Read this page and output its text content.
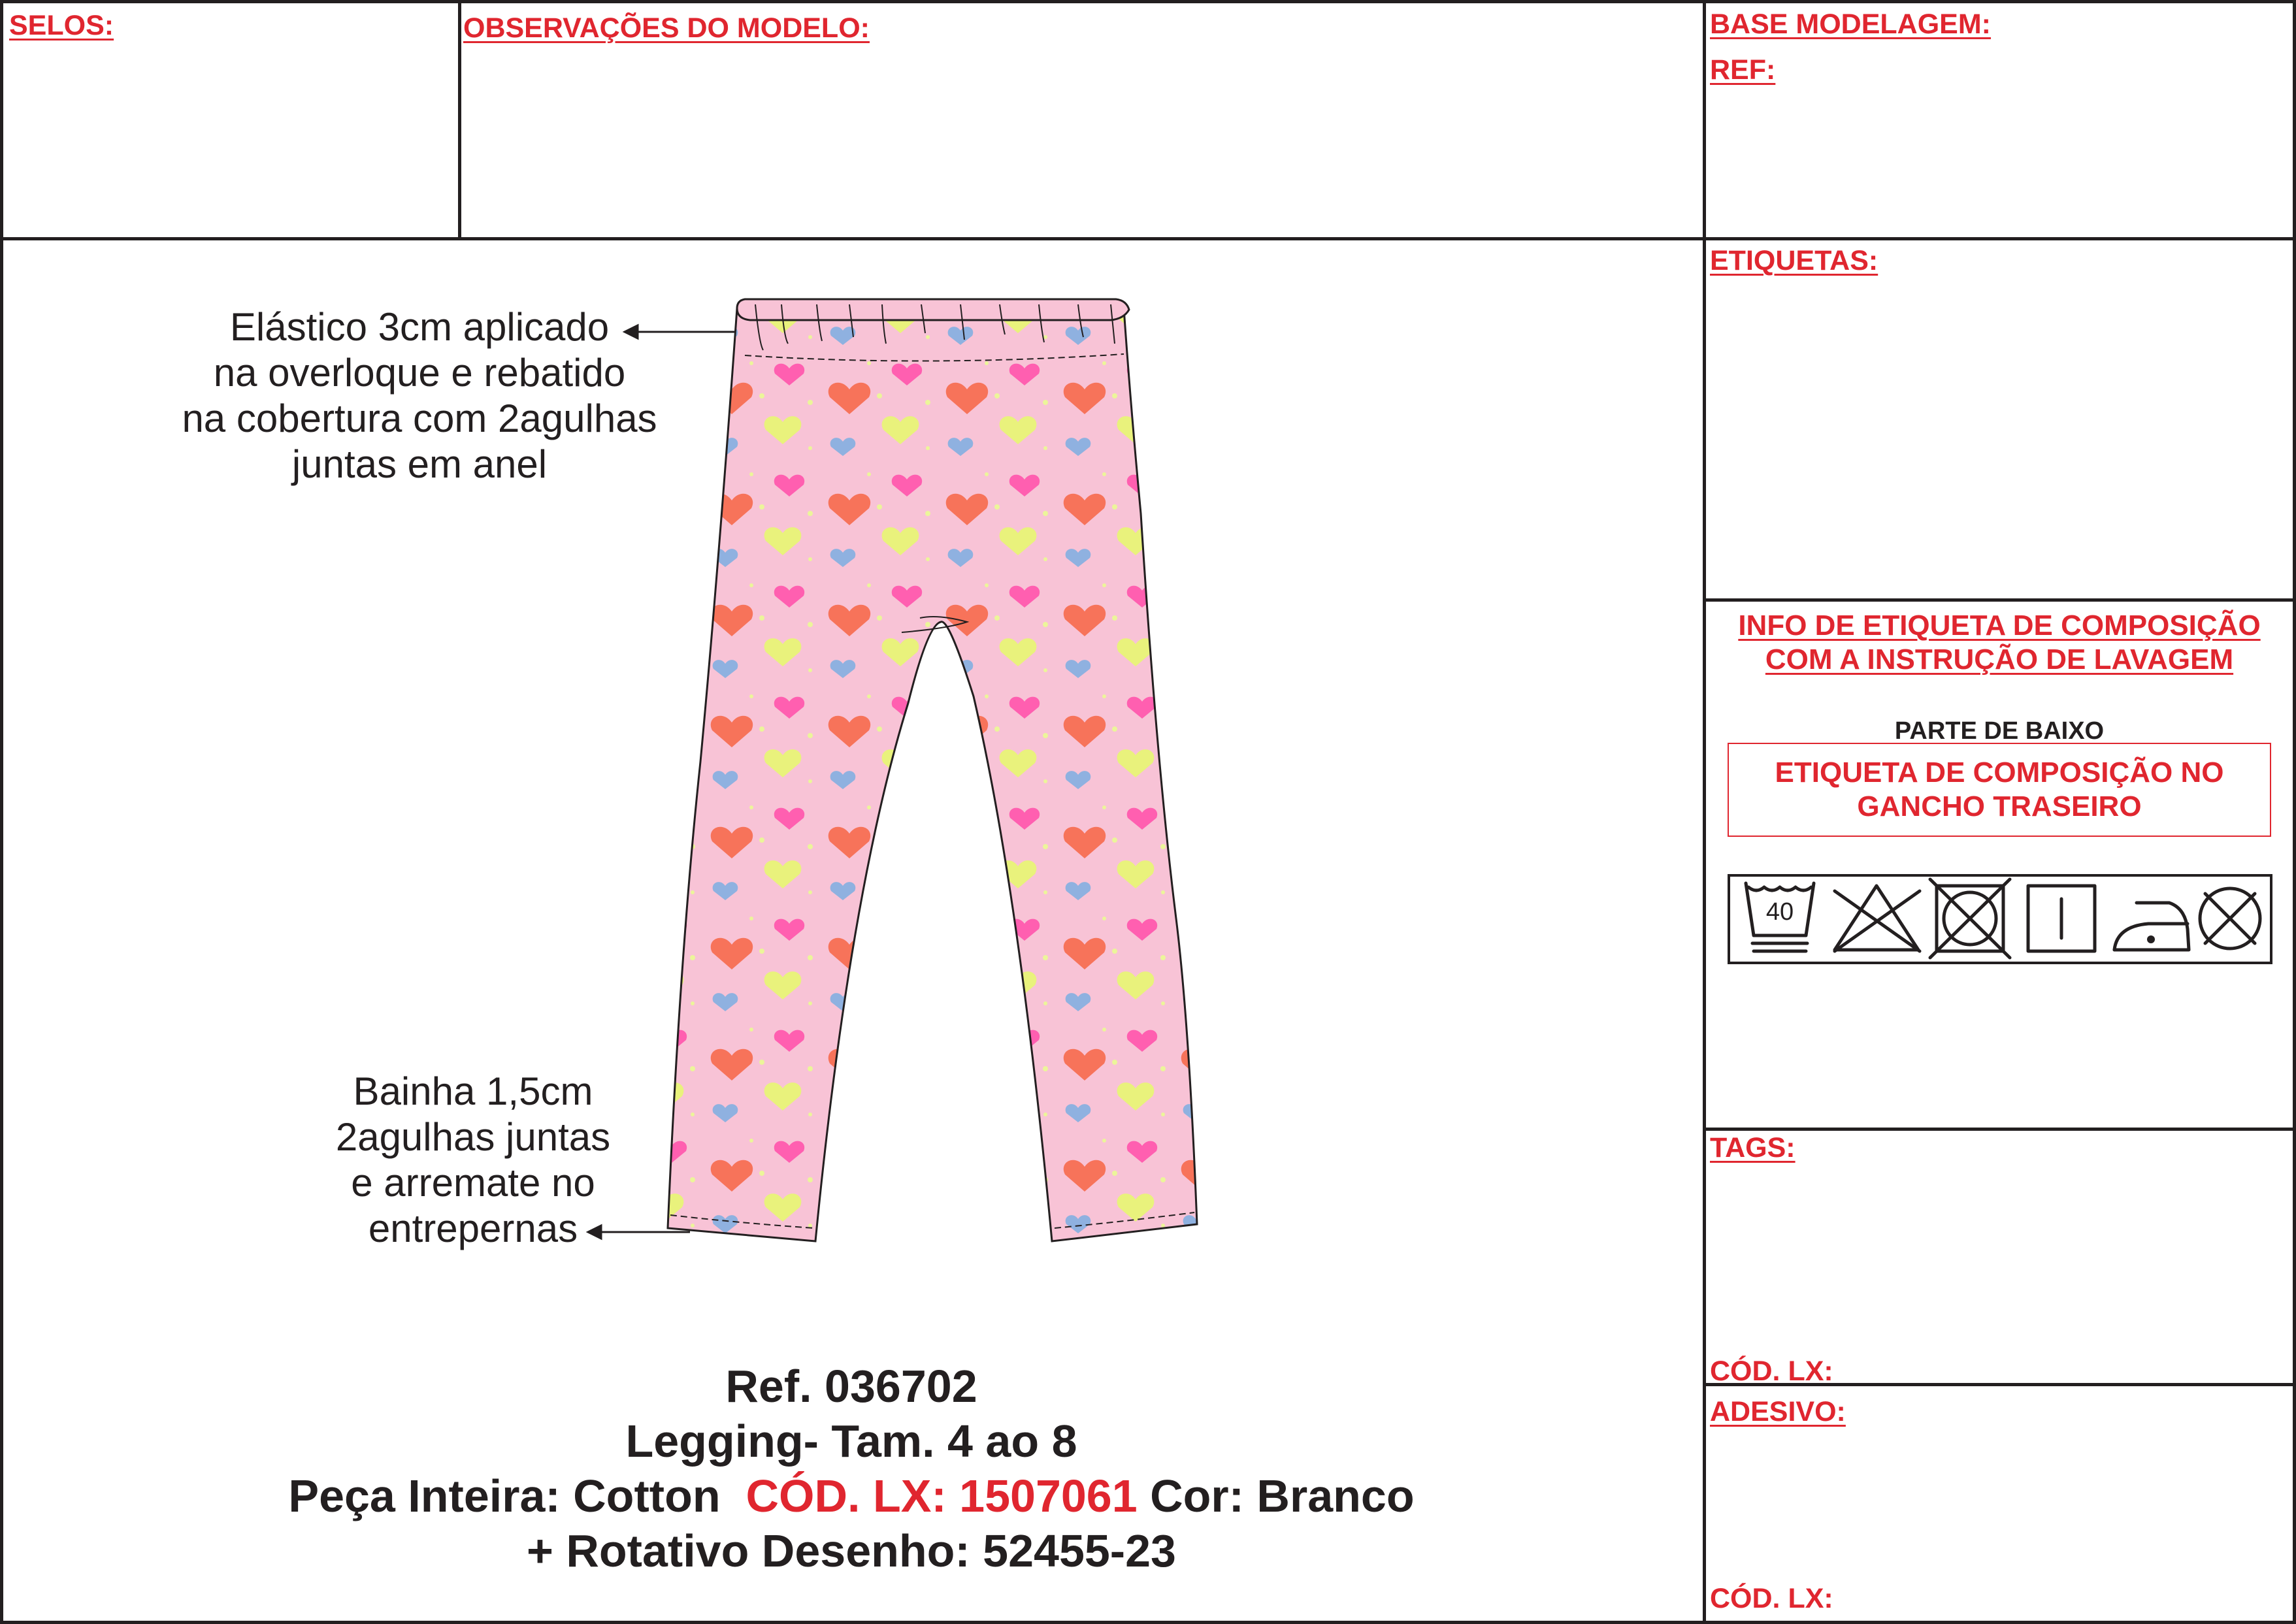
SELOS:	OBSERVAÇÕES DO MODELO:	BASE MODELAGEM:
REF:
ETIQUETAS:
INFO DE ETIQUETA DE COMPOSIÇÃO
COM A INSTRUÇÃO DE LAVAGEM
PARTE DE BAIXO
ETIQUETA DE COMPOSIÇÃO NO
GANCHO TRASEIRO
40
TAGS:
CÓD. LX:
ADESIVO:
CÓD. LX:
Elástico 3cm aplicado
na overloque e rebatido
na cobertura com 2agulhas
juntas em anel
Bainha 1,5cm
2agulhas juntas
e arremate no
entrepernas
Ref. 036702
Legging- Tam. 4 ao 8
Peça Inteira: Cotton CÓD. LX: 1507061 Cor: Branco
+ Rotativo Desenho: 52455-23
